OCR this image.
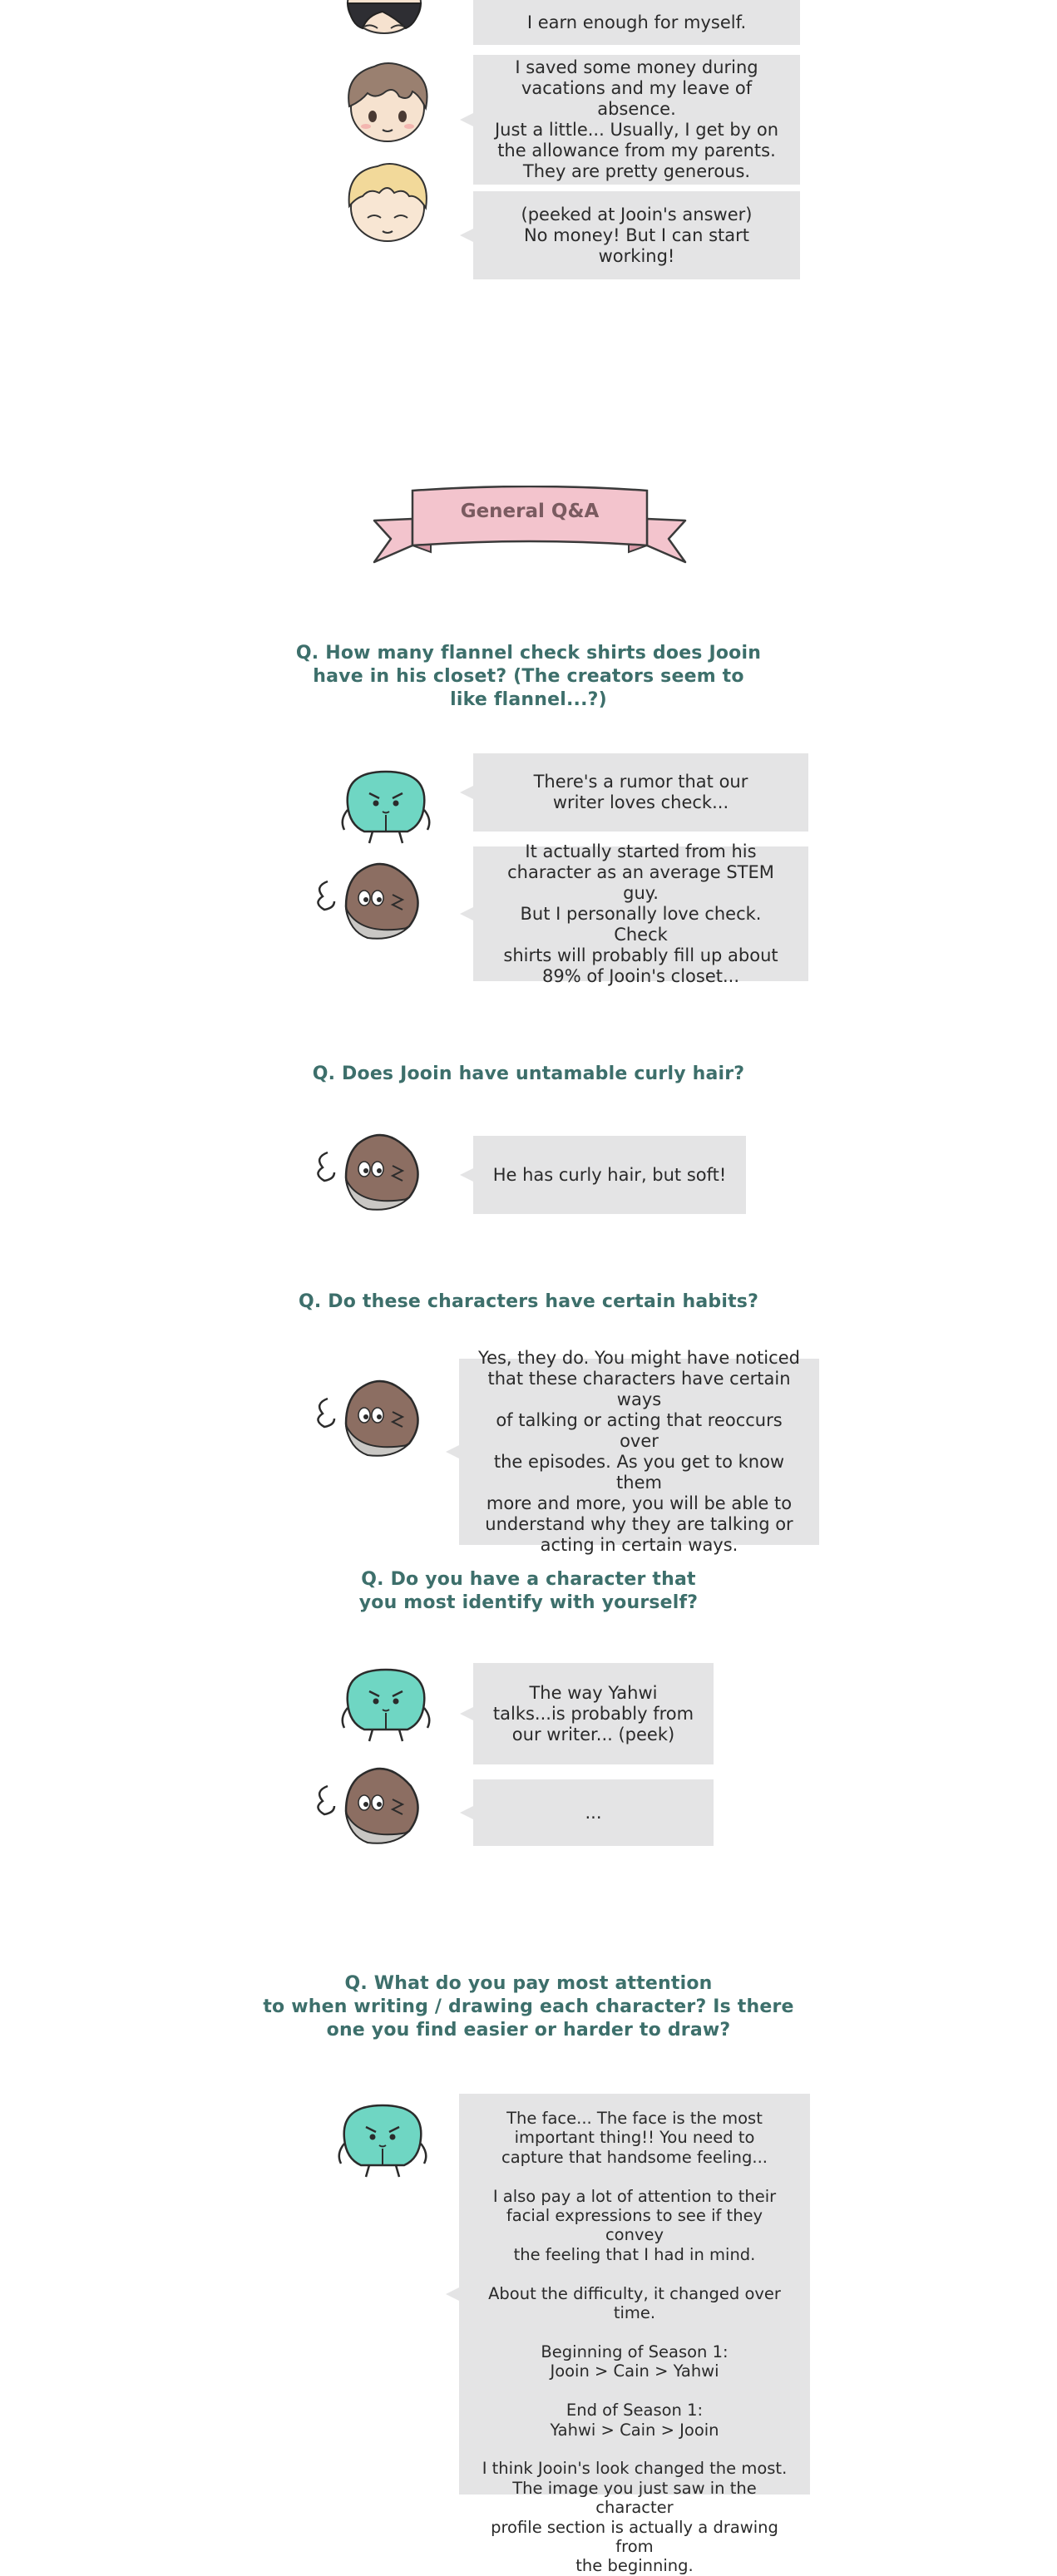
I earn enough for myself.
I saved some money during
vacations and my leave of absence.
Just a little... Usually, I get by on
the allowance from my parents.
They are pretty generous.
(peeked at Jooin's answer)
No money! But I can start
working!
General Q&A
Q. How many flannel check shirts does Jooin
have in his closet? (The creators seem to
like flannel...?)
There's a rumor that our
writer loves check...
It actually started from his
character as an average STEM guy.
But I personally love check. Check
shirts will probably fill up about
89% of Jooin's closet...
Q. Does Jooin have untamable curly hair?
He has curly hair, but soft!
Q. Do these characters have certain habits?
Yes, they do. You might have noticed
that these characters have certain ways
of talking or acting that reoccurs over
the episodes. As you get to know them
more and more, you will be able to
understand why they are talking or
acting in certain ways.
Q. Do you have a character that
you most identify with yourself?
The way Yahwi
talks...is probably from
our writer... (peek)
...
Q. What do you pay most attention
to when writing / drawing each character? Is there
one you find easier or harder to draw?
The face... The face is the most
important thing!! You need to
capture that handsome feeling...

I also pay a lot of attention to their
facial expressions to see if they convey
the feeling that I had in mind.

About the difficulty, it changed over time.

Beginning of Season 1:
Jooin > Cain > Yahwi

End of Season 1:
Yahwi > Cain > Jooin

I think Jooin's look changed the most.
The image you just saw in the character
profile section is actually a drawing from
the beginning.
